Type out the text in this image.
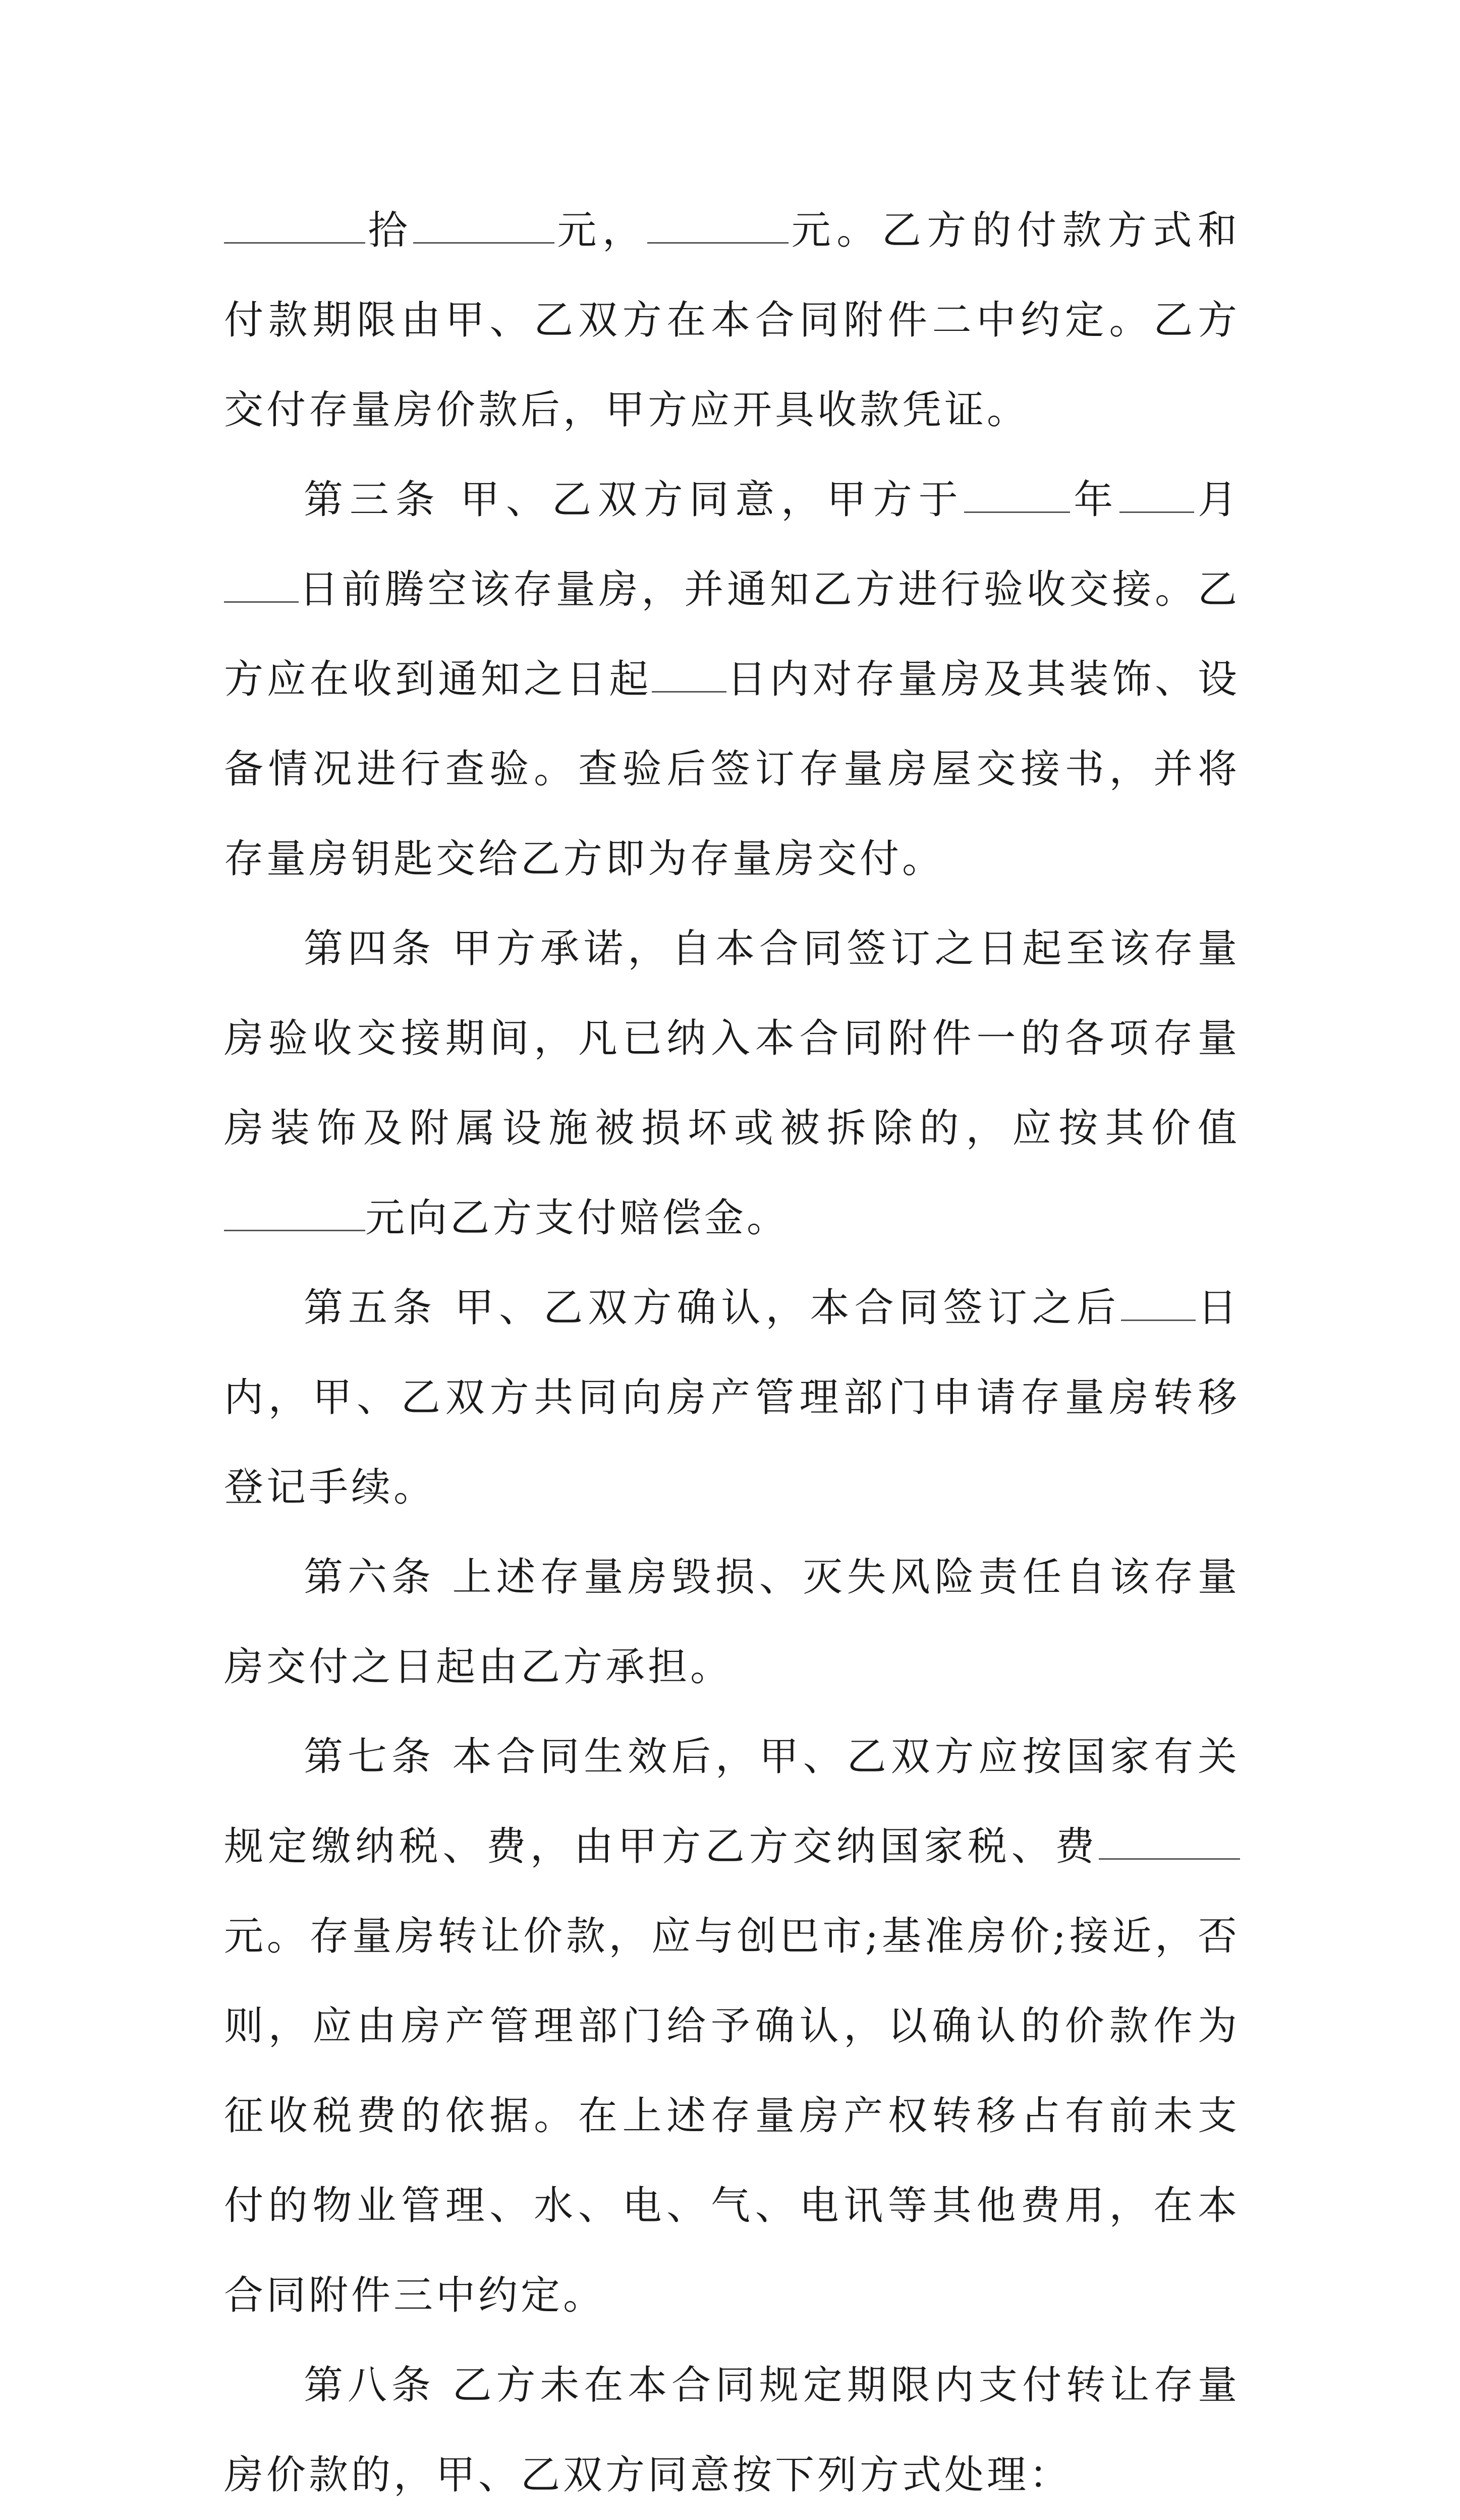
拾	元，	元。乙方的付款方式和付款期限由甲、乙双方在本合同附件二中约定。乙方交付存量房价款后，甲方应开具收款凭证。

第三条 甲、乙双方同意，甲方于	年 月日前腾空该存量房，并通知乙方进行验收交接。乙方应在收到通知之日起 日内对存量房及其装饰、设备情况进行查验。查验后签订存量房屋交接书，并将存量房钥匙交给乙方即为存量房交付。

第四条 甲方承诺，自本合同签订之日起至该存量房验收交接期间，凡已纳入本合同附件一的各项存量房装饰及附属设施被损坏或被拆除的，应按其价值元向乙方支付赔偿金。

第五条 甲、乙双方确认，本合同签订之后 日内，甲、乙双方共同向房产管理部门申请存量房转移登记手续。

第六条 上述存量房毁损、灭失风险责任自该存量房交付之日起由乙方承担。

第七条 本合同生效后，甲、乙双方应按国家有关规定缴纳税、费，由甲方乙方交纳国家税、费元。存量房转让价款，应与创巴市;基准房价;接近，否则，应由房产管理部门给予确认，以确认的价款作为征收税费的依据。在上述存量房产权转移占有前未支付的物业管理、水、电、气、电讯等其他费用，在本合同附件三中约定。

第八条 乙方未在本合同规定期限内支付转让存量房价款的，甲、乙双方同意按下列方式处理：
